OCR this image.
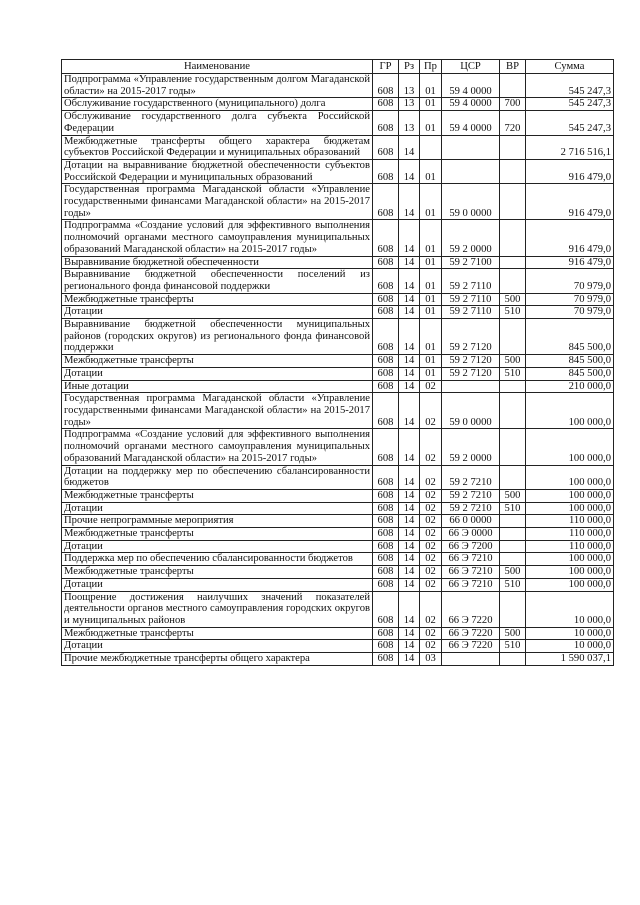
Наименование	ГР	Рз	Пр	ЦСР	ВР	Сумма
Подпрограмма «Управление государственным долгом Магаданской области» на 2015-2017 годы»	608	13	01	59 4 0000		545 247,3
Обслуживание государственного (муниципального) долга	608	13	01	59 4 0000	700	545 247,3
Обслуживание государственного долга субъекта Российской Федерации	608	13	01	59 4 0000	720	545 247,3
Межбюджетные трансферты общего характера бюджетам субъектов Российской Федерации и муниципальных образований	608	14				2 716 516,1
Дотации на выравнивание бюджетной обеспеченности субъектов Российской Федерации и муниципальных образований	608	14	01			916 479,0
Государственная программа Магаданской области «Управление государственными финансами Магаданской области» на 2015-2017 годы»	608	14	01	59 0 0000		916 479,0
Подпрограмма «Создание условий для эффективного выполнения полномочий органами местного самоуправления муниципальных образований Магаданской области» на 2015-2017 годы»	608	14	01	59 2 0000		916 479,0
Выравнивание бюджетной обеспеченности	608	14	01	59 2 7100		916 479,0
Выравнивание бюджетной обеспеченности поселений из регионального фонда финансовой поддержки	608	14	01	59 2 7110		70 979,0
Межбюджетные трансферты	608	14	01	59 2 7110	500	70 979,0
Дотации	608	14	01	59 2 7110	510	70 979,0
Выравнивание бюджетной обеспеченности муниципальных районов (городских округов) из регионального фонда финансовой поддержки	608	14	01	59 2 7120		845 500,0
Межбюджетные трансферты	608	14	01	59 2 7120	500	845 500,0
Дотации	608	14	01	59 2 7120	510	845 500,0
Иные дотации	608	14	02			210 000,0
Государственная программа Магаданской области «Управление государственными финансами Магаданской области» на 2015-2017 годы»	608	14	02	59 0 0000		100 000,0
Подпрограмма «Создание условий для эффективного выполнения полномочий органами местного самоуправления муниципальных образований Магаданской области» на 2015-2017 годы»	608	14	02	59 2 0000		100 000,0
Дотации на поддержку мер по обеспечению сбалансированности бюджетов	608	14	02	59 2 7210		100 000,0
Межбюджетные трансферты	608	14	02	59 2 7210	500	100 000,0
Дотации	608	14	02	59 2 7210	510	100 000,0
Прочие непрограммные мероприятия	608	14	02	66 0 0000		110 000,0
Межбюджетные трансферты	608	14	02	66 Э 0000		110 000,0
Дотации	608	14	02	66 Э 7200		110 000,0
Поддержка мер по обеспечению сбалансированности бюджетов	608	14	02	66 Э 7210		100 000,0
Межбюджетные трансферты	608	14	02	66 Э 7210	500	100 000,0
Дотации	608	14	02	66 Э 7210	510	100 000,0
Поощрение достижения наилучших значений показателей деятельности органов местного самоуправления городских округов и муниципальных районов	608	14	02	66 Э 7220		10 000,0
Межбюджетные трансферты	608	14	02	66 Э 7220	500	10 000,0
Дотации	608	14	02	66 Э 7220	510	10 000,0
Прочие межбюджетные трансферты общего характера	608	14	03			1 590 037,1
